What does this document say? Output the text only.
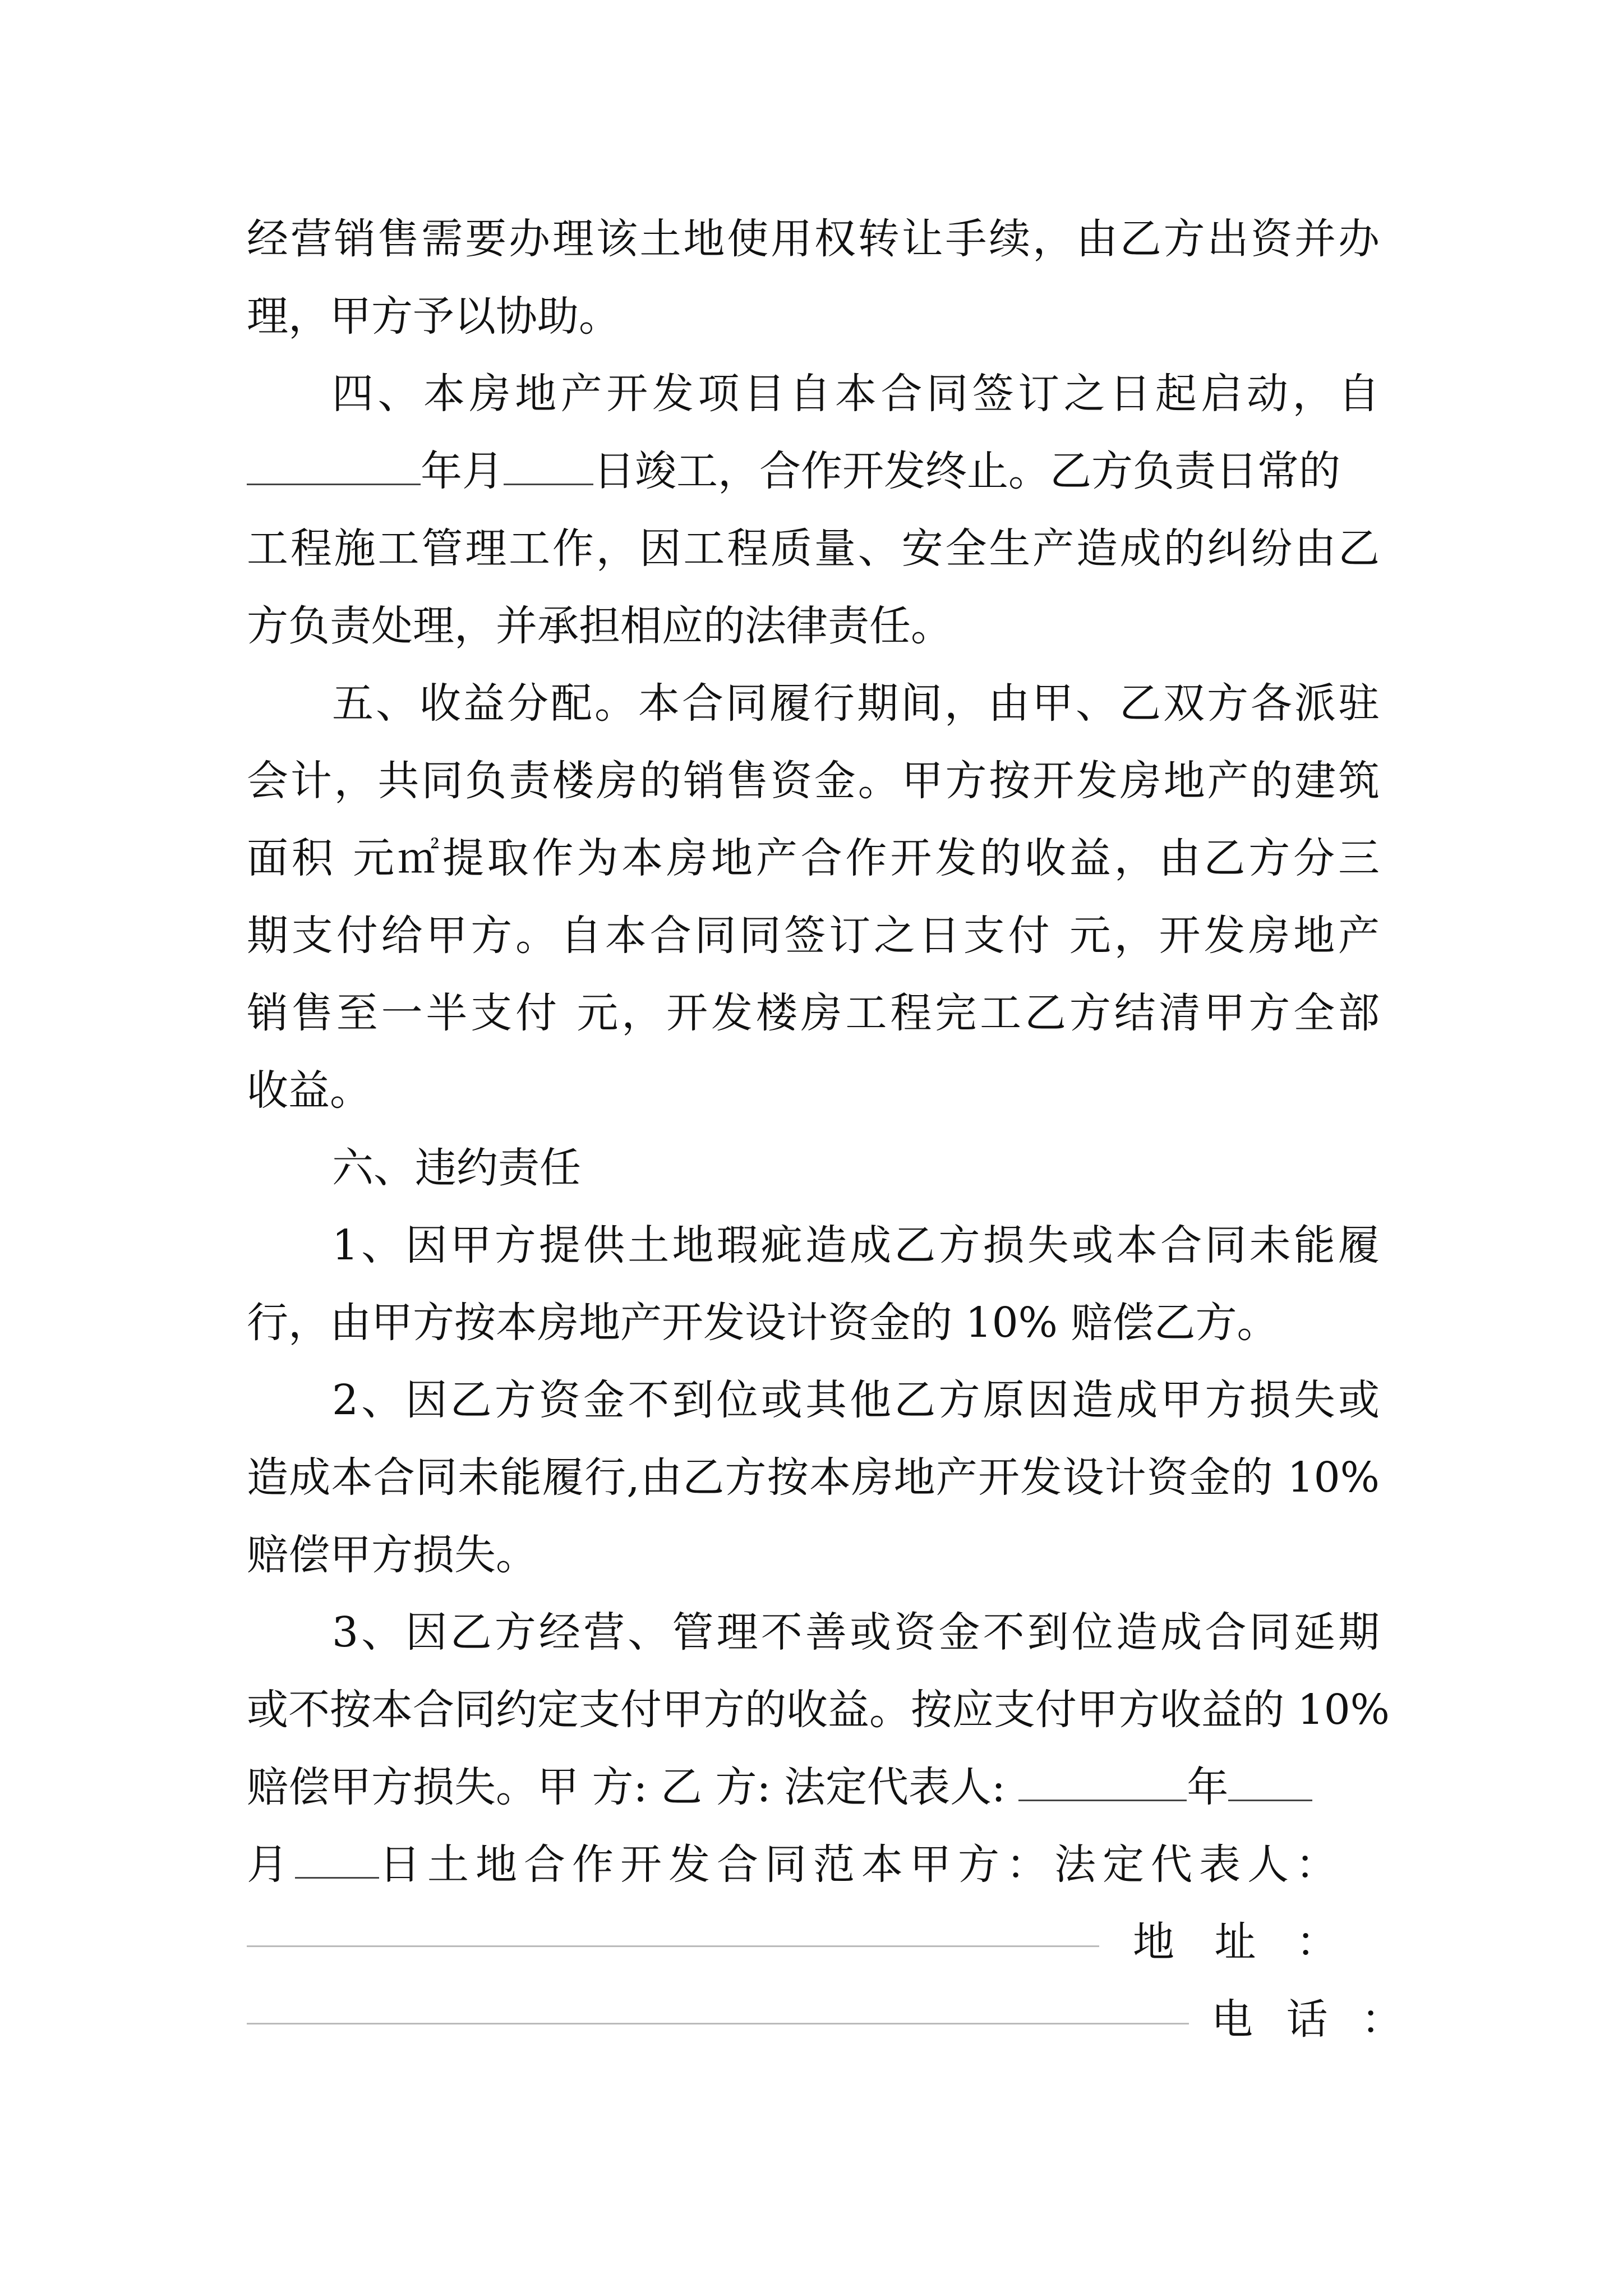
经营销售需要办理该土地使用权转让手续，由乙方出资并办
理，甲方予以协助。
四、本房地产开发项目自本合同签订之日起启动，自
年月 日竣工，合作开发终止。乙方负责日常的
工程施工管理工作，因工程质量、安全生产造成的纠纷由乙
方负责处理，并承担相应的法律责任。
五、收益分配。本合同履行期间，由甲、乙双方各派驻
会计，共同负责楼房的销售资金。甲方按开发房地产的建筑
面积 元㎡提取作为本房地产合作开发的收益，由乙方分三
期支付给甲方。自本合同同签订之日支付 元，开发房地产
销售至一半支付 元，开发楼房工程完工乙方结清甲方全部
收益。
六、违约责任
1、因甲方提供土地瑕疵造成乙方损失或本合同未能履
行，由甲方按本房地产开发设计资金的 10% 赔偿乙方。
2、因乙方资金不到位或其他乙方原因造成甲方损失或
造成本合同未能履行,由乙方按本房地产开发设计资金的 10%
赔偿甲方损失。
3、因乙方经营、管理不善或资金不到位造成合同延期
或不按本合同约定支付甲方的收益。按应支付甲方收益的 10%
赔偿甲方损失。甲 方: 乙 方: 法定代表人:	年
月 日土地合作开发合同范本甲方：法定代表人：
地 址 ：
电 话 ：
